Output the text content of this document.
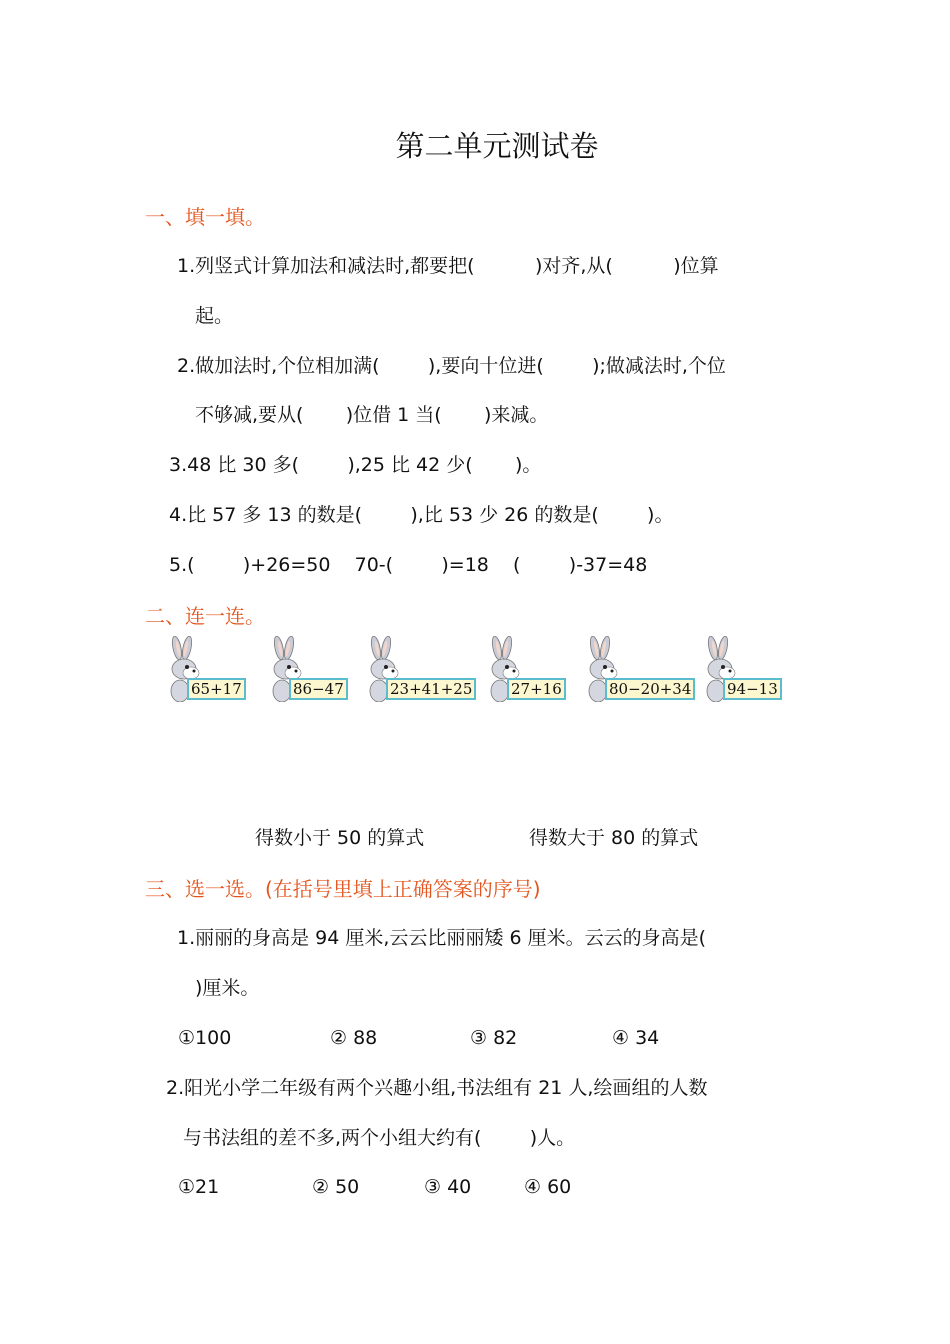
第二单元测试卷
一、填一填。
1.列竖式计算加法和减法时,都要把(          )对齐,从(          )位算
起。
2.做加法时,个位相加满(        ),要向十位进(        );做减法时,个位
不够减,要从(       )位借 1 当(       )来减。
3.48 比 30 多(        ),25 比 42 少(       )。
4.比 57 多 13 的数是(        ),比 53 少 26 的数是(        )。
5.(        )+26=50    70-(        )=18    (        )-37=48
二、连一连。
65+17	86−47	23+41+25	27+16	80−20+34 94−13
得数小于 50 的算式	得数大于 80 的算式
三、选一选。(在括号里填上正确答案的序号)
1.丽丽的身高是 94 厘米,云云比丽丽矮 6 厘米。云云的身高是(
)厘米。
①100	② 88	③ 82	④ 34
2.阳光小学二年级有两个兴趣小组,书法组有 21 人,绘画组的人数
与书法组的差不多,两个小组大约有(        )人。
①21	② 50	③ 40	④ 60
